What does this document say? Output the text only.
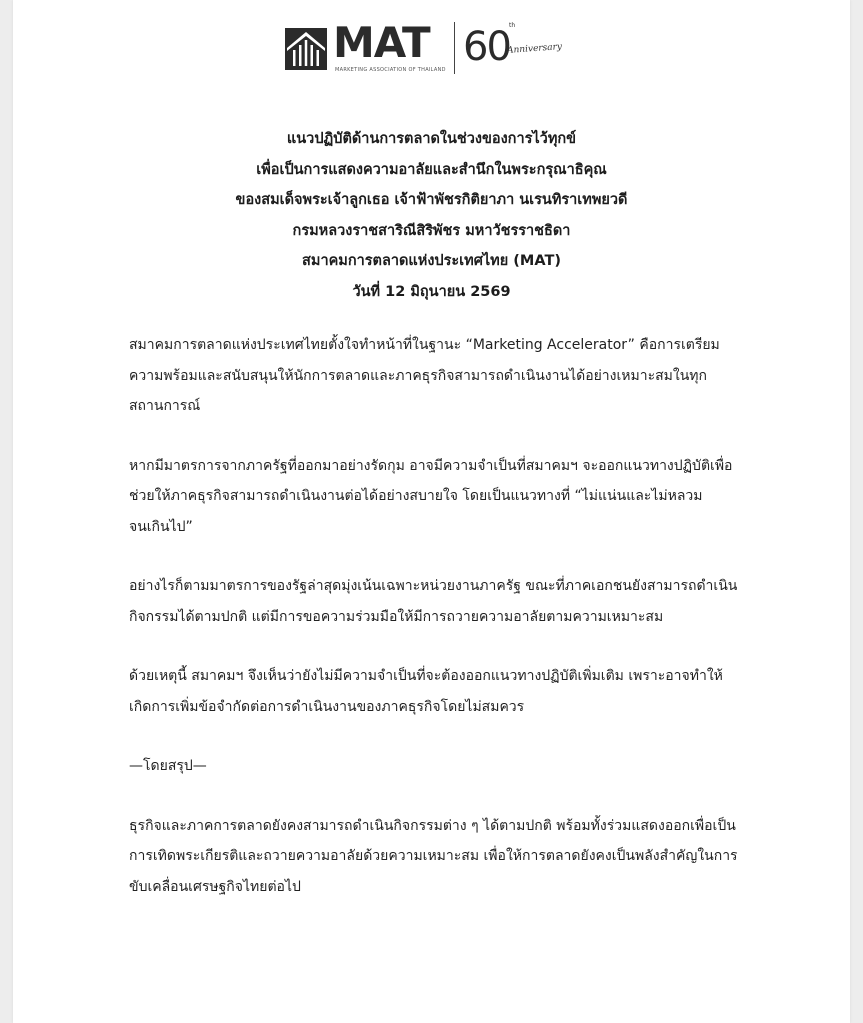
MAT
MARKETING ASSOCIATION OF THAILAND 60 th
Anniversary
แนวปฏิบัติด้านการตลาดในช่วงของการไว้ทุกข์
เพื่อเป็นการแสดงความอาลัยและสำนึกในพระกรุณาธิคุณ
ของสมเด็จพระเจ้าลูกเธอ เจ้าฟ้าพัชรกิติยาภา นเรนทิราเทพยวดี
กรมหลวงราชสาริณีสิริพัชร มหาวัชรราชธิดา
สมาคมการตลาดแห่งประเทศไทย (MAT)
วันที่ 12 มิถุนายน 2569

สมาคมการตลาดแห่งประเทศไทยตั้งใจทำหน้าที่ในฐานะ “Marketing Accelerator” คือการเตรียม
ความพร้อมและสนับสนุนให้นักการตลาดและภาคธุรกิจสามารถดำเนินงานได้อย่างเหมาะสมในทุก
สถานการณ์

หากมีมาตรการจากภาครัฐที่ออกมาอย่างรัดกุม อาจมีความจำเป็นที่สมาคมฯ จะออกแนวทางปฏิบัติเพื่อ
ช่วยให้ภาคธุรกิจสามารถดำเนินงานต่อได้อย่างสบายใจ โดยเป็นแนวทางที่ “ไม่แน่นและไม่หลวม
จนเกินไป”

อย่างไรก็ตามมาตรการของรัฐล่าสุดมุ่งเน้นเฉพาะหน่วยงานภาครัฐ ขณะที่ภาคเอกชนยังสามารถดำเนิน
กิจกรรมได้ตามปกติ แต่มีการขอความร่วมมือให้มีการถวายความอาลัยตามความเหมาะสม

ด้วยเหตุนี้ สมาคมฯ จึงเห็นว่ายังไม่มีความจำเป็นที่จะต้องออกแนวทางปฏิบัติเพิ่มเติม เพราะอาจทำให้
เกิดการเพิ่มข้อจำกัดต่อการดำเนินงานของภาคธุรกิจโดยไม่สมควร

—โดยสรุป—

ธุรกิจและภาคการตลาดยังคงสามารถดำเนินกิจกรรมต่าง ๆ ได้ตามปกติ พร้อมทั้งร่วมแสดงออกเพื่อเป็น
การเทิดพระเกียรติและถวายความอาลัยด้วยความเหมาะสม เพื่อให้การตลาดยังคงเป็นพลังสำคัญในการ
ขับเคลื่อนเศรษฐกิจไทยต่อไป
